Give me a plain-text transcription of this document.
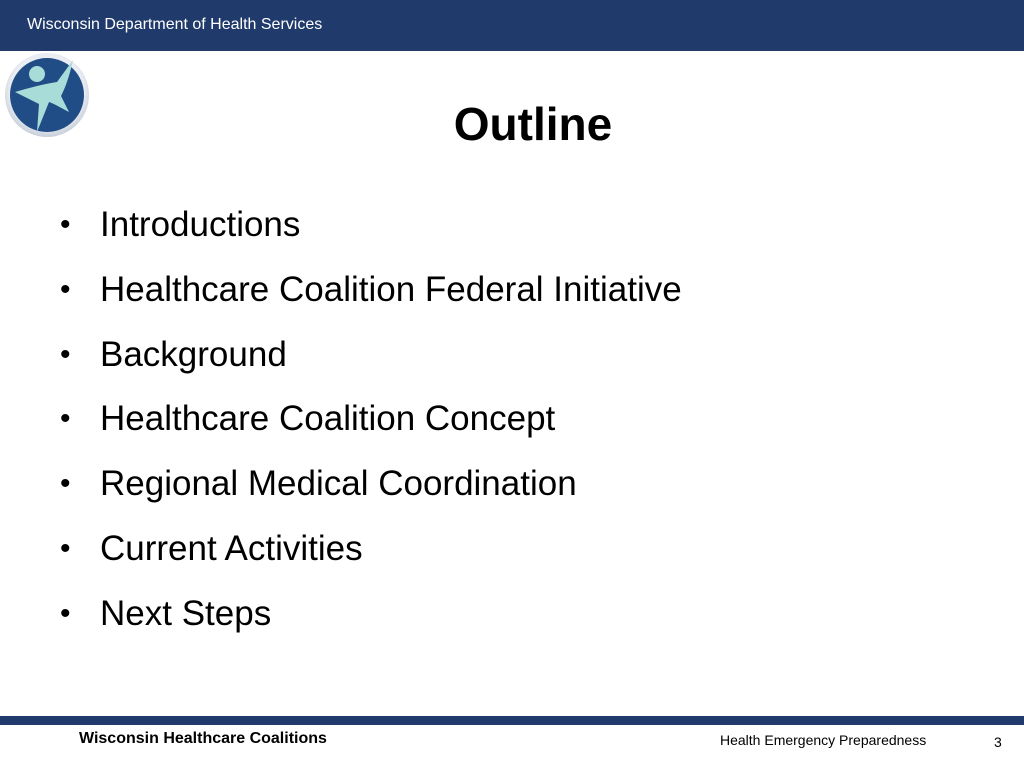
Wisconsin Department of Health Services
Outline
• Introductions
• Healthcare Coalition Federal Initiative
• Background
• Healthcare Coalition Concept
• Regional Medical Coordination
• Current Activities
• Next Steps
Wisconsin Healthcare Coalitions	Health Emergency Preparedness	3
